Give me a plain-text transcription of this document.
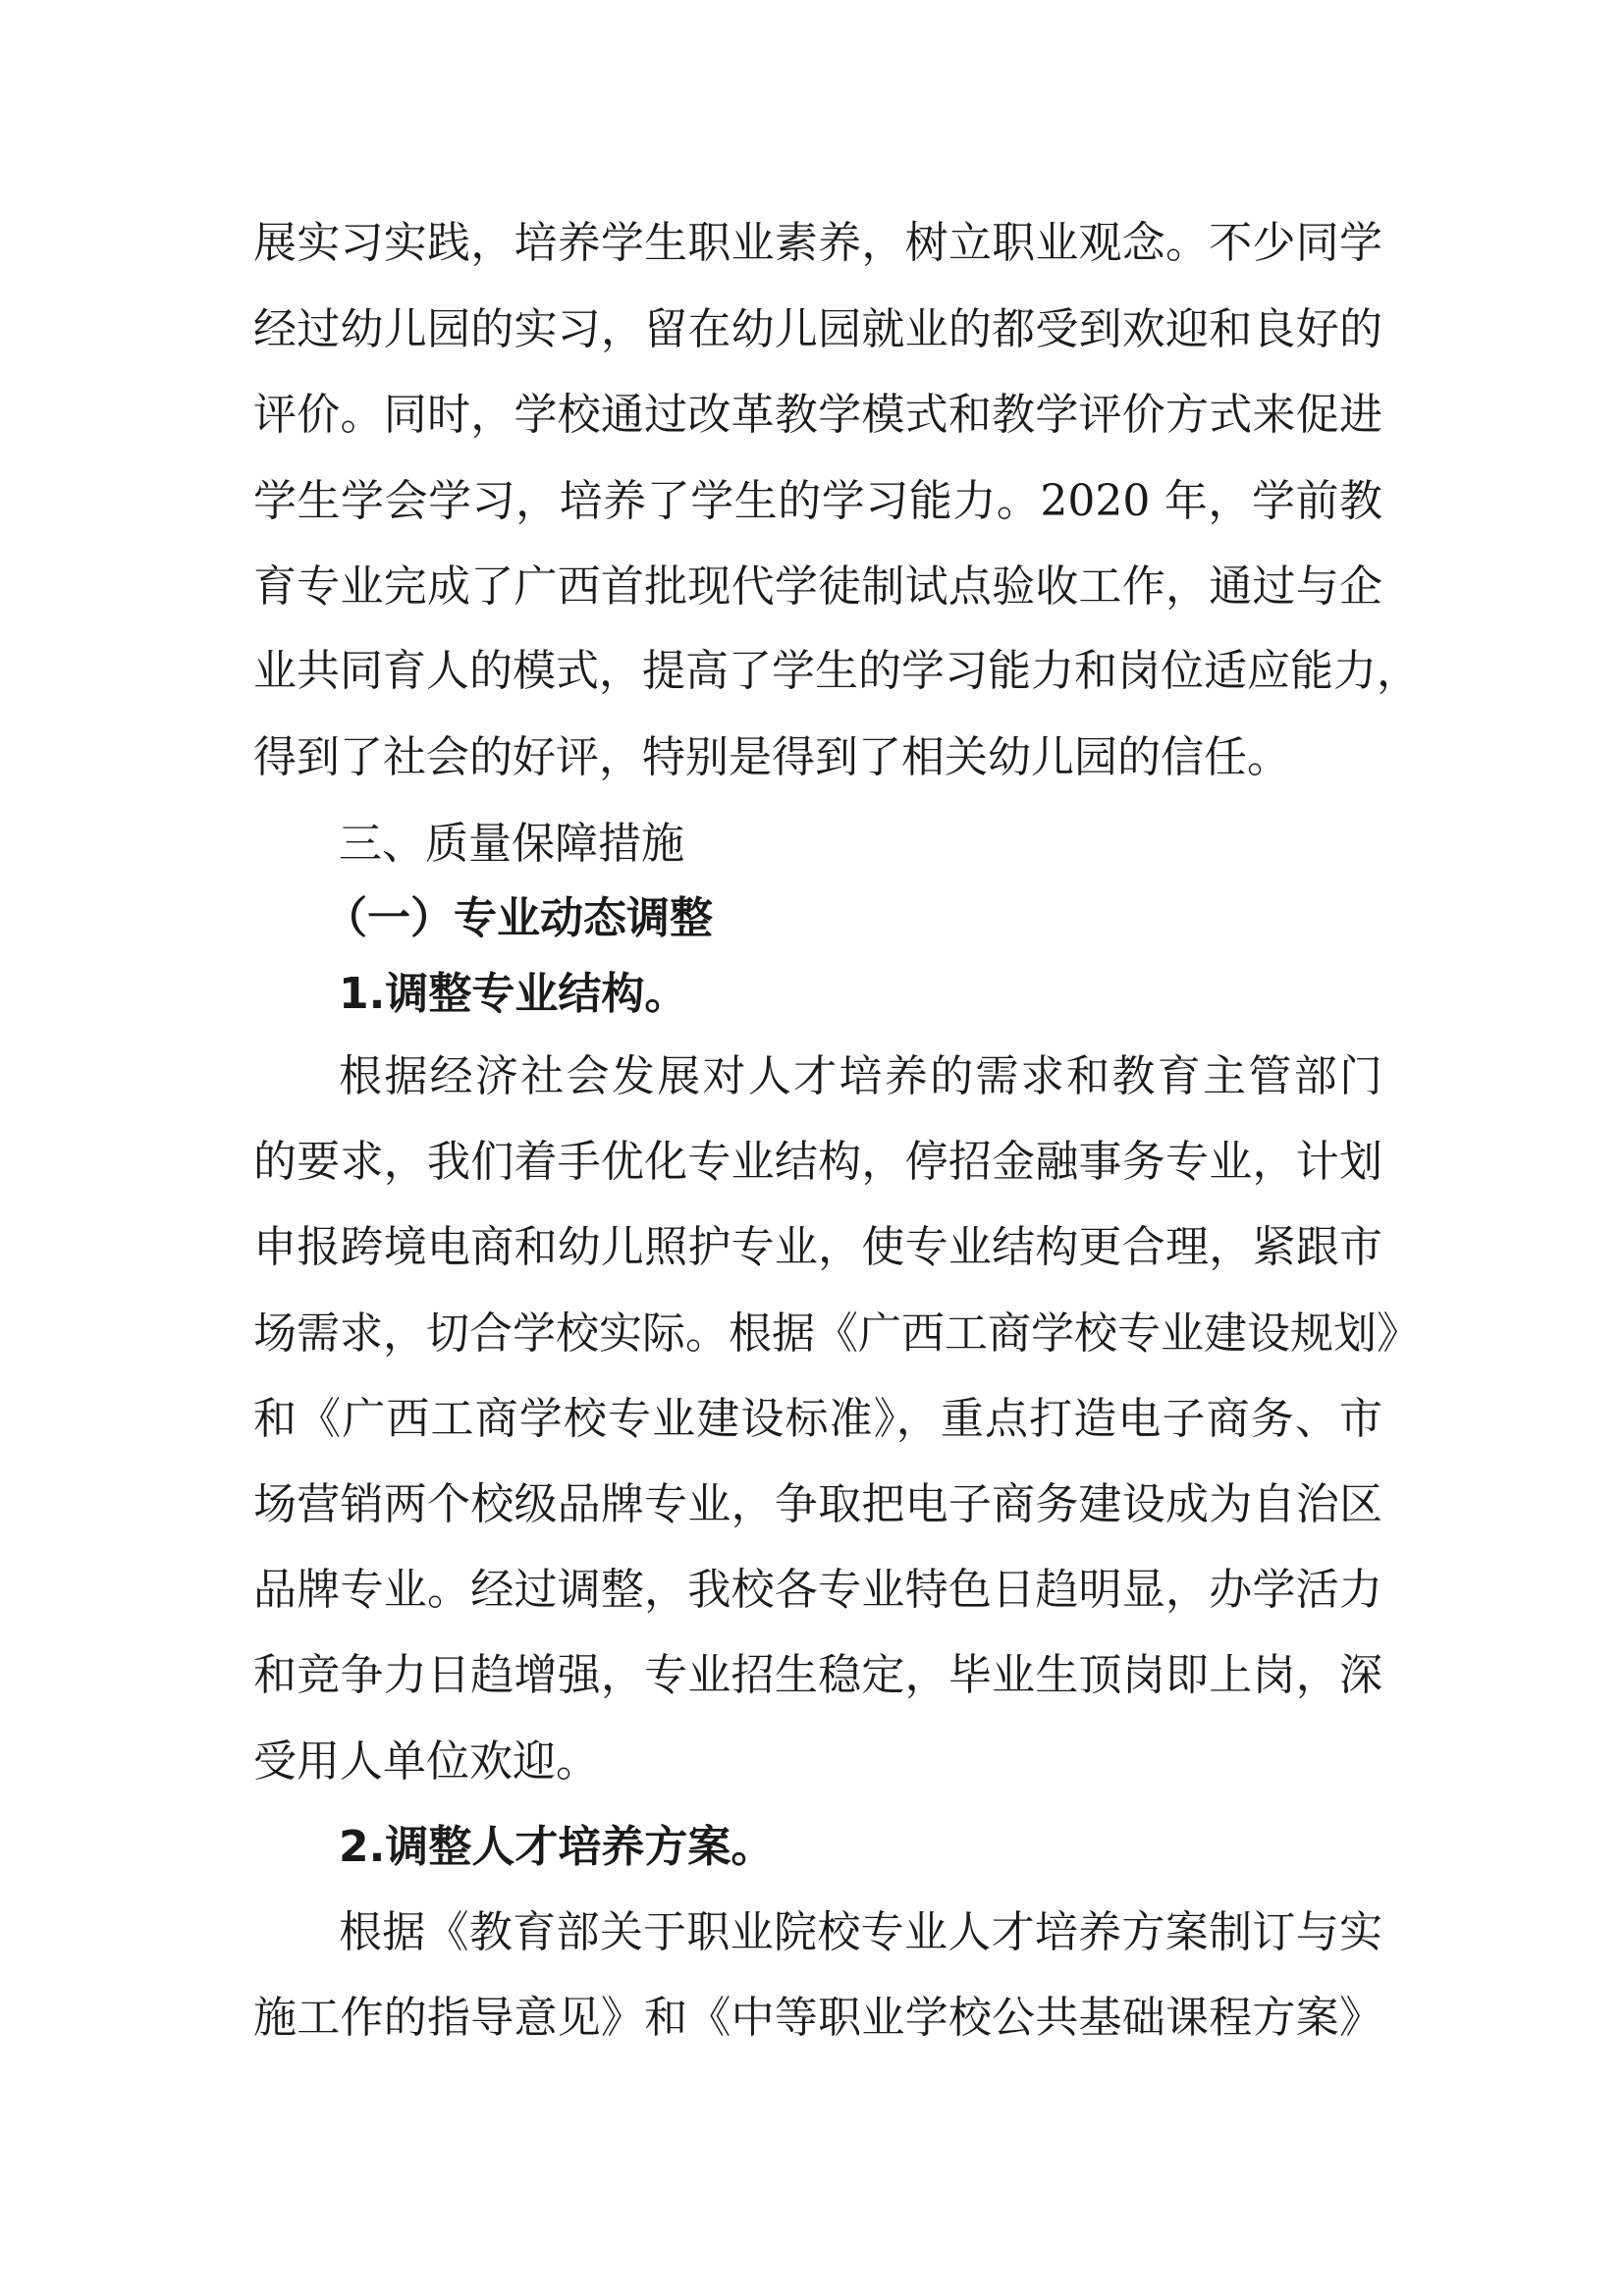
展实习实践，培养学生职业素养，树立职业观念。不少同学
经过幼儿园的实习，留在幼儿园就业的都受到欢迎和良好的
评价。同时，学校通过改革教学模式和教学评价方式来促进
学生学会学习，培养了学生的学习能力。2020 年，学前教
育专业完成了广西首批现代学徒制试点验收工作，通过与企
业共同育人的模式，提高了学生的学习能力和岗位适应能力，
得到了社会的好评，特别是得到了相关幼儿园的信任。
三、质量保障措施
（一）专业动态调整
1.调整专业结构。
根据经济社会发展对人才培养的需求和教育主管部门
的要求，我们着手优化专业结构，停招金融事务专业，计划
申报跨境电商和幼儿照护专业，使专业结构更合理，紧跟市
场需求，切合学校实际。根据《广西工商学校专业建设规划》
和《广西工商学校专业建设标准》，重点打造电子商务、市
场营销两个校级品牌专业，争取把电子商务建设成为自治区
品牌专业。经过调整，我校各专业特色日趋明显，办学活力
和竞争力日趋增强，专业招生稳定，毕业生顶岗即上岗，深
受用人单位欢迎。
2.调整人才培养方案。
根据《教育部关于职业院校专业人才培养方案制订与实
施工作的指导意见》和《中等职业学校公共基础课程方案》
